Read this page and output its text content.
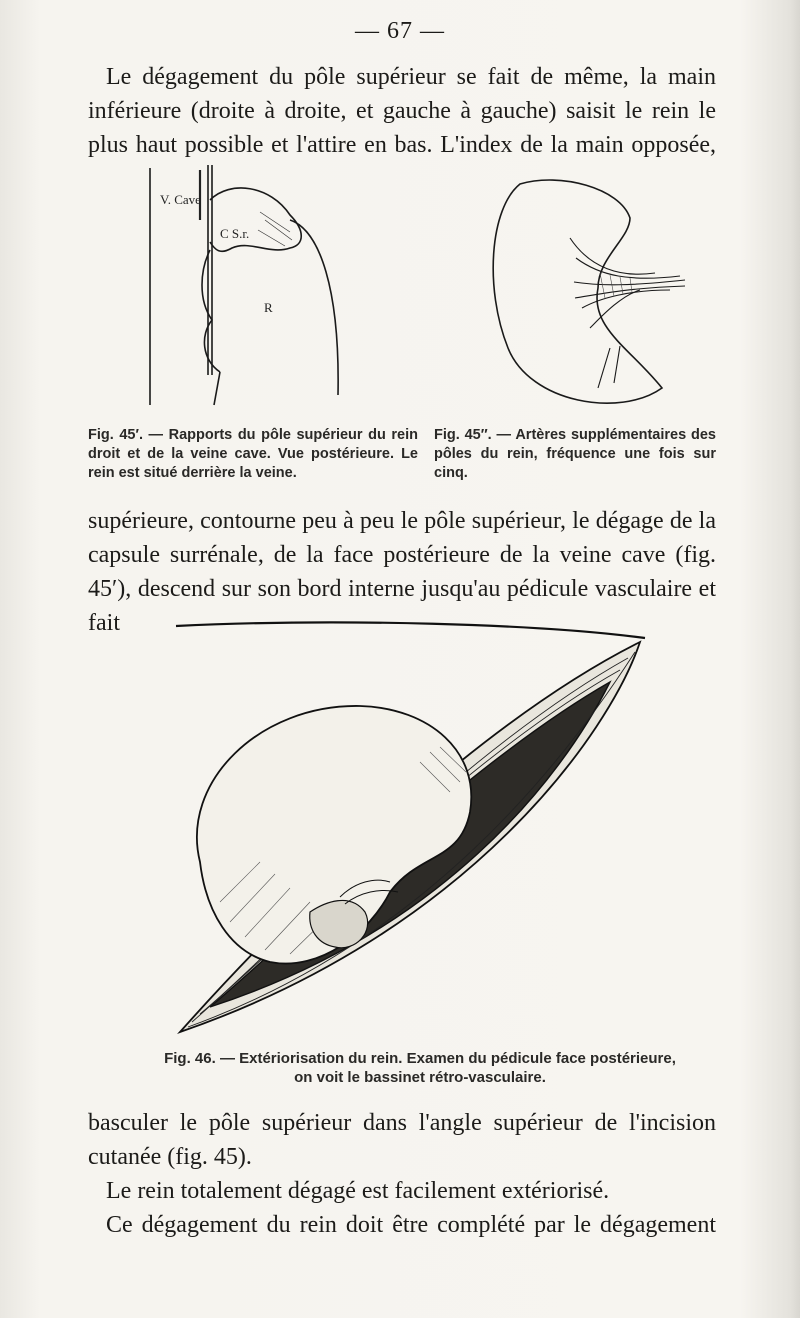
— 67 —
Le dégagement du pôle supérieur se fait de même, la main inférieure (droite à droite, et gauche à gauche) saisit le rein le plus haut possible et l'attire en bas. L'index de la main opposée,
V. Cave
C S.r.
R
Fig. 45′. — Rapports du pôle supérieur du rein droit et de la veine cave. Vue postérieure. Le rein est situé derrière la veine.
Fig. 45″. — Artères supplémentaires des pôles du rein, fréquence une fois sur cinq.
supérieure, contourne peu à peu le pôle supérieur, le dégage de la capsule surrénale, de la face postérieure de la veine cave (fig. 45′), descend sur son bord interne jusqu'au pédicule vasculaire et fait
Fig. 46. — Extériorisation du rein. Examen du pédicule face postérieure,
on voit le bassinet rétro-vasculaire.
basculer le pôle supérieur dans l'angle supérieur de l'incision cutanée (fig. 45).
Le rein totalement dégagé est facilement extériorisé.
Ce dégagement du rein doit être complété par le dégagement
